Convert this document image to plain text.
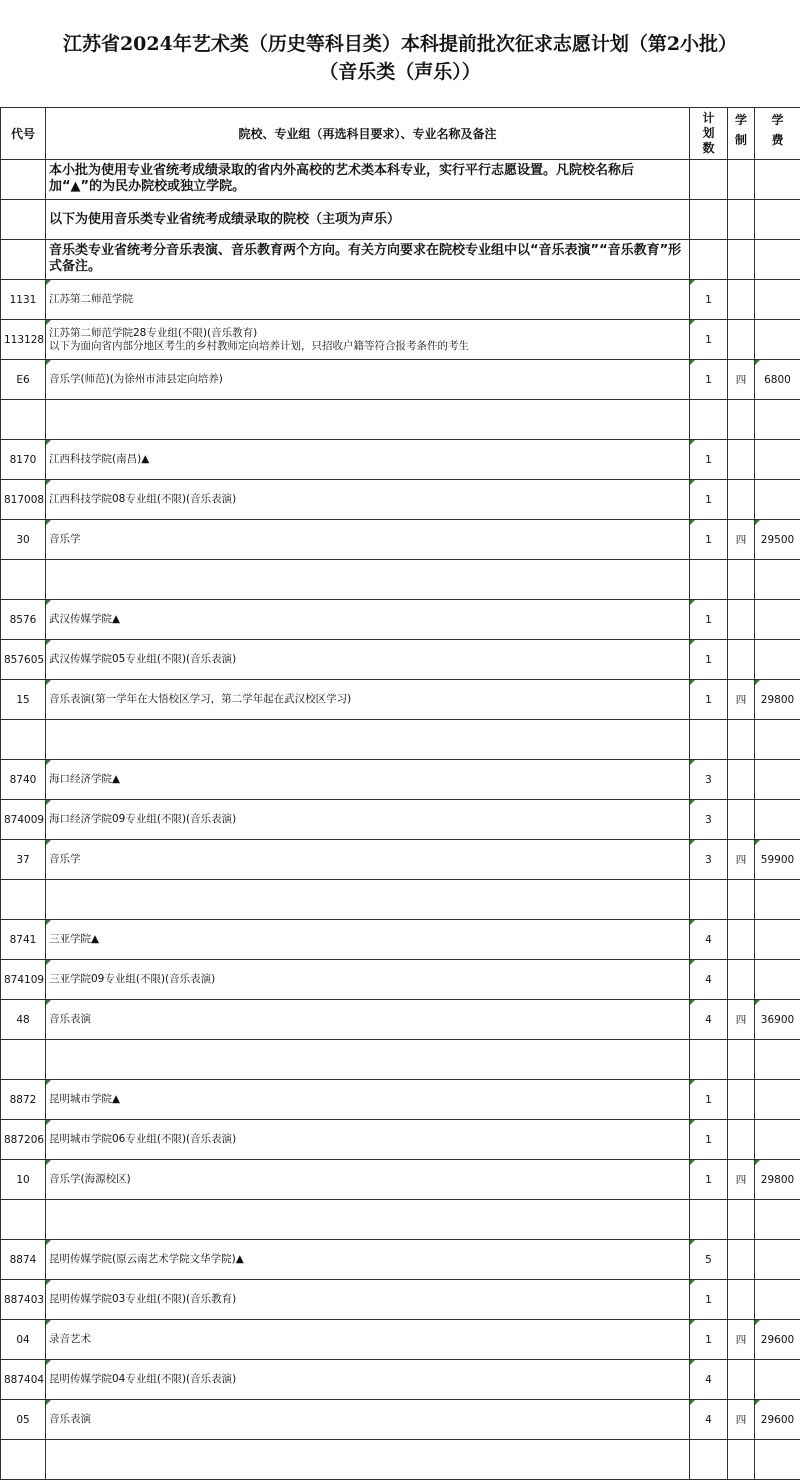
江苏省2024年艺术类（历史等科目类）本科提前批次征求志愿计划（第2小批）
（音乐类（声乐））
代号	院校、专业组（再选科目要求）、专业名称及备注	计划数	学制	学费
	本小批为使用专业省统考成绩录取的省内外高校的艺术类本科专业，实行平行志愿设置。凡院校名称后加“▲”的为民办院校或独立学院。			
	以下为使用音乐类专业省统考成绩录取的院校（主项为声乐）			
	音乐类专业省统考分音乐表演、音乐教育两个方向。有关方向要求在院校专业组中以“音乐表演”“音乐教育”形式备注。			
1131	江苏第二师范学院	1		
113128	江苏第二师范学院28专业组(不限)(音乐教育)
以下为面向省内部分地区考生的乡村教师定向培养计划，只招收户籍等符合报考条件的考生	1		
E6	音乐学(师范)(为徐州市沛县定向培养)	1	四	6800

8170	江西科技学院(南昌)▲	1		
817008	江西科技学院08专业组(不限)(音乐表演)	1		
30	音乐学	1	四	29500

8576	武汉传媒学院▲	1		
857605	武汉传媒学院05专业组(不限)(音乐表演)	1		
15	音乐表演(第一学年在大悟校区学习，第二学年起在武汉校区学习)	1	四	29800

8740	海口经济学院▲	3		
874009	海口经济学院09专业组(不限)(音乐表演)	3		
37	音乐学	3	四	59900

8741	三亚学院▲	4		
874109	三亚学院09专业组(不限)(音乐表演)	4		
48	音乐表演	4	四	36900

8872	昆明城市学院▲	1		
887206	昆明城市学院06专业组(不限)(音乐表演)	1		
10	音乐学(海源校区)	1	四	29800

8874	昆明传媒学院(原云南艺术学院文华学院)▲	5		
887403	昆明传媒学院03专业组(不限)(音乐教育)	1		
04	录音艺术	1	四	29600
887404	昆明传媒学院04专业组(不限)(音乐表演)	4		
05	音乐表演	4	四	29600
